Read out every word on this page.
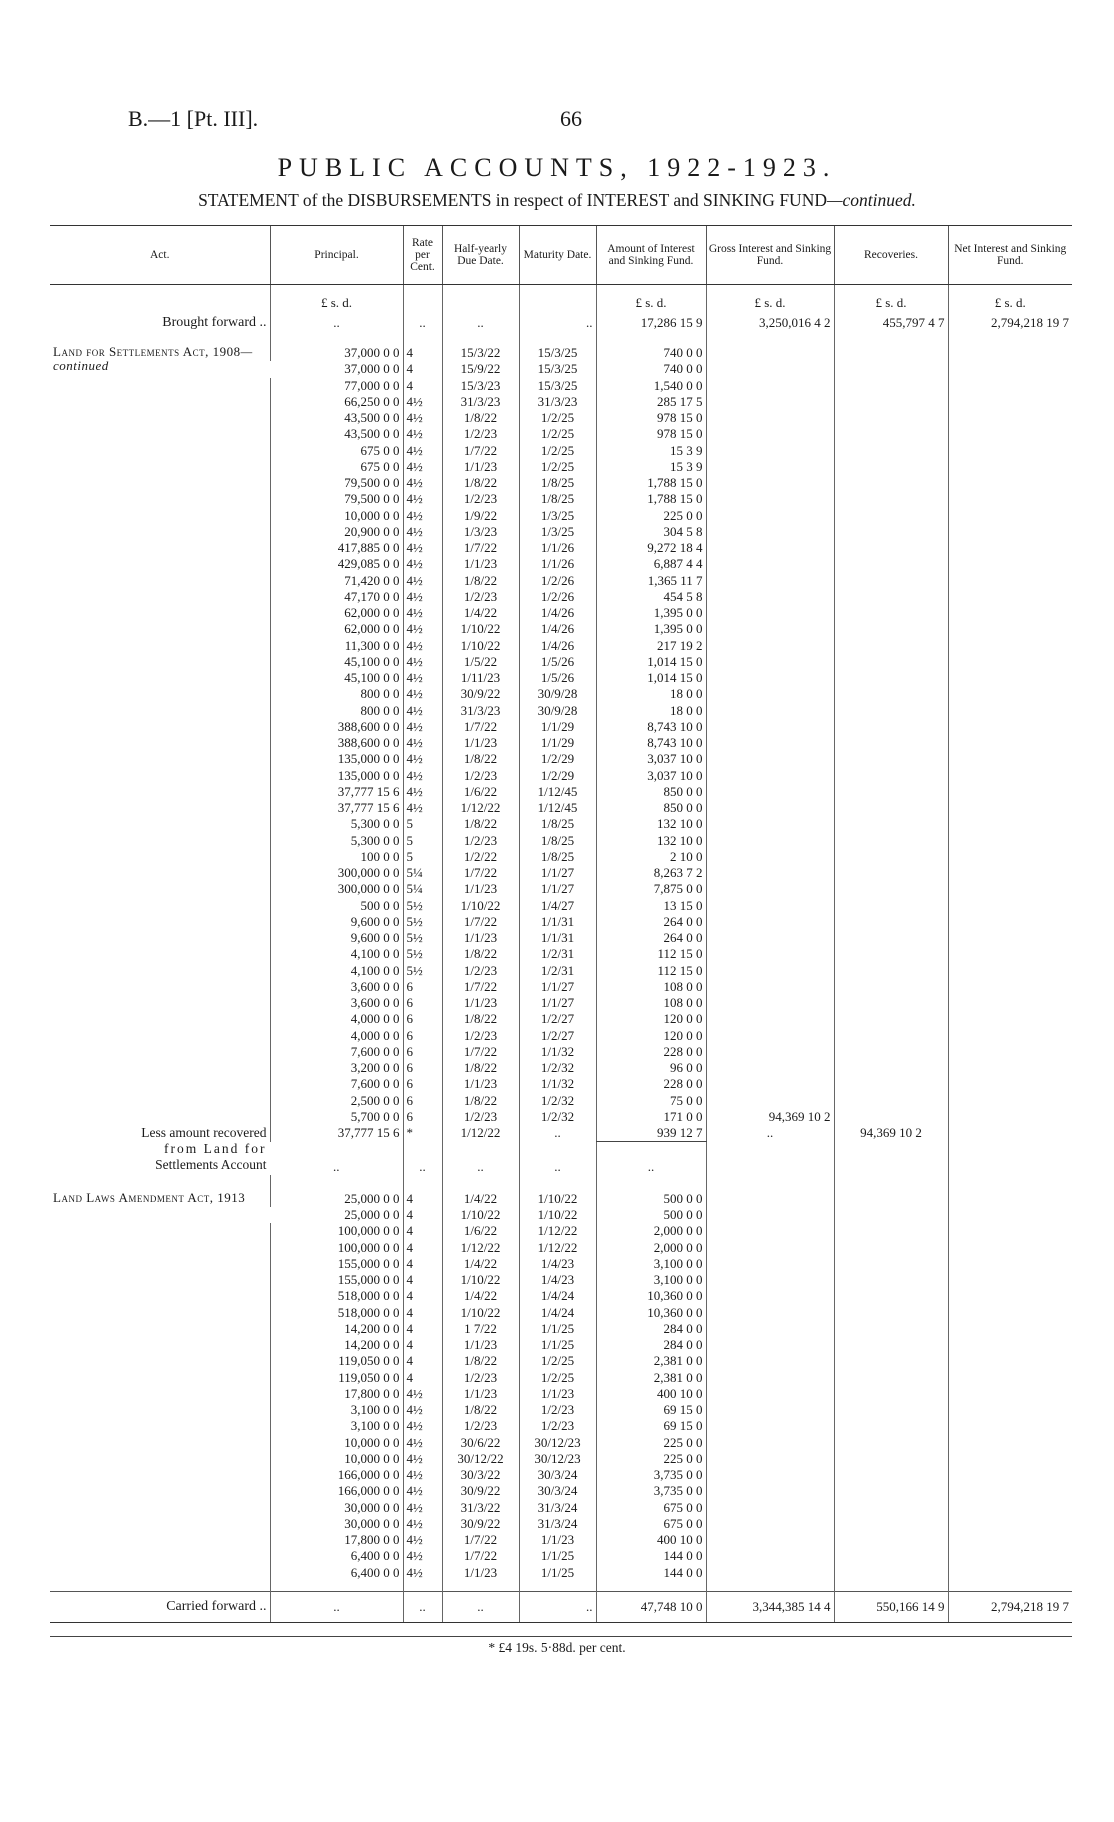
B.—1 [Pt. III].	66
PUBLIC ACCOUNTS, 1922-1923.
STATEMENT of the DISBURSEMENTS in respect of INTEREST and SINKING FUND—continued.
Act.	Principal.	Rate per Cent.	Half-yearly Due Date.	Maturity Date.	Amount of Interest and Sinking Fund.	Gross Interest and Sinking Fund.	Recoveries.	Net Interest and Sinking Fund.
	£ s. d.				£ s. d.	£ s. d.	£ s. d.	£ s. d.
Brought forward ..	..	..	..	..	17,286 15 9	3,250,016 4 2	455,797 4 7	2,794,218 19 7

Land for Settlements Act, 1908—continued	37,000 0 0	4	15/3/22	15/3/25	740 0 0			
	37,000 0 0	4	15/9/22	15/3/25	740 0 0			
	77,000 0 0	4	15/3/23	15/3/25	1,540 0 0			
	66,250 0 0	4½	31/3/23	31/3/23	285 17 5			
	43,500 0 0	4½	1/8/22	1/2/25	978 15 0			
	43,500 0 0	4½	1/2/23	1/2/25	978 15 0			
	675 0 0	4½	1/7/22	1/2/25	15 3 9			
	675 0 0	4½	1/1/23	1/2/25	15 3 9			
	79,500 0 0	4½	1/8/22	1/8/25	1,788 15 0			
	79,500 0 0	4½	1/2/23	1/8/25	1,788 15 0			
	10,000 0 0	4½	1/9/22	1/3/25	225 0 0			
	20,900 0 0	4½	1/3/23	1/3/25	304 5 8			
	417,885 0 0	4½	1/7/22	1/1/26	9,272 18 4			
	429,085 0 0	4½	1/1/23	1/1/26	6,887 4 4			
	71,420 0 0	4½	1/8/22	1/2/26	1,365 11 7			
	47,170 0 0	4½	1/2/23	1/2/26	454 5 8			
	62,000 0 0	4½	1/4/22	1/4/26	1,395 0 0			
	62,000 0 0	4½	1/10/22	1/4/26	1,395 0 0			
	11,300 0 0	4½	1/10/22	1/4/26	217 19 2			
	45,100 0 0	4½	1/5/22	1/5/26	1,014 15 0			
	45,100 0 0	4½	1/11/23	1/5/26	1,014 15 0			
	800 0 0	4½	30/9/22	30/9/28	18 0 0			
	800 0 0	4½	31/3/23	30/9/28	18 0 0			
	388,600 0 0	4½	1/7/22	1/1/29	8,743 10 0			
	388,600 0 0	4½	1/1/23	1/1/29	8,743 10 0			
	135,000 0 0	4½	1/8/22	1/2/29	3,037 10 0			
	135,000 0 0	4½	1/2/23	1/2/29	3,037 10 0			
	37,777 15 6	4½	1/6/22	1/12/45	850 0 0			
	37,777 15 6	4½	1/12/22	1/12/45	850 0 0			
	5,300 0 0	5	1/8/22	1/8/25	132 10 0			
	5,300 0 0	5	1/2/23	1/8/25	132 10 0			
	100 0 0	5	1/2/22	1/8/25	2 10 0			
	300,000 0 0	5¼	1/7/22	1/1/27	8,263 7 2			
	300,000 0 0	5¼	1/1/23	1/1/27	7,875 0 0			
	500 0 0	5½	1/10/22	1/4/27	13 15 0			
	9,600 0 0	5½	1/7/22	1/1/31	264 0 0			
	9,600 0 0	5½	1/1/23	1/1/31	264 0 0			
	4,100 0 0	5½	1/8/22	1/2/31	112 15 0			
	4,100 0 0	5½	1/2/23	1/2/31	112 15 0			
	3,600 0 0	6	1/7/22	1/1/27	108 0 0			
	3,600 0 0	6	1/1/23	1/1/27	108 0 0			
	4,000 0 0	6	1/8/22	1/2/27	120 0 0			
	4,000 0 0	6	1/2/23	1/2/27	120 0 0			
	7,600 0 0	6	1/7/22	1/1/32	228 0 0			
	3,200 0 0	6	1/8/22	1/2/32	96 0 0			
	7,600 0 0	6	1/1/23	1/1/32	228 0 0			
	2,500 0 0	6	1/8/22	1/2/32	75 0 0			
	5,700 0 0	6	1/2/23	1/2/32	171 0 0	94,369 10 2		

Less amount recovered
from Land for
Settlements Account	37,777 15 6	*	1/12/22	..	939 12 7	..	94,369 10 2	

	..	..	..	..	..			

Land Laws Amendment Act, 1913	25,000 0 0	4	1/4/22	1/10/22	500 0 0			
	25,000 0 0	4	1/10/22	1/10/22	500 0 0			
	100,000 0 0	4	1/6/22	1/12/22	2,000 0 0			
	100,000 0 0	4	1/12/22	1/12/22	2,000 0 0			
	155,000 0 0	4	1/4/22	1/4/23	3,100 0 0			
	155,000 0 0	4	1/10/22	1/4/23	3,100 0 0			
	518,000 0 0	4	1/4/22	1/4/24	10,360 0 0			
	518,000 0 0	4	1/10/22	1/4/24	10,360 0 0			
	14,200 0 0	4	1 7/22	1/1/25	284 0 0			
	14,200 0 0	4	1/1/23	1/1/25	284 0 0			
	119,050 0 0	4	1/8/22	1/2/25	2,381 0 0			
	119,050 0 0	4	1/2/23	1/2/25	2,381 0 0			
	17,800 0 0	4½	1/1/23	1/1/23	400 10 0			
	3,100 0 0	4½	1/8/22	1/2/23	69 15 0			
	3,100 0 0	4½	1/2/23	1/2/23	69 15 0			
	10,000 0 0	4½	30/6/22	30/12/23	225 0 0			
	10,000 0 0	4½	30/12/22	30/12/23	225 0 0			
	166,000 0 0	4½	30/3/22	30/3/24	3,735 0 0			
	166,000 0 0	4½	30/9/22	30/3/24	3,735 0 0			
	30,000 0 0	4½	31/3/22	31/3/24	675 0 0			
	30,000 0 0	4½	30/9/22	31/3/24	675 0 0			
	17,800 0 0	4½	1/7/22	1/1/23	400 10 0			
	6,400 0 0	4½	1/7/22	1/1/25	144 0 0			
	6,400 0 0	4½	1/1/23	1/1/25	144 0 0			

Carried forward ..	..	..	..	..	47,748 10 0	3,344,385 14 4	550,166 14 9	2,794,218 19 7
* £4 19s. 5·88d. per cent.
